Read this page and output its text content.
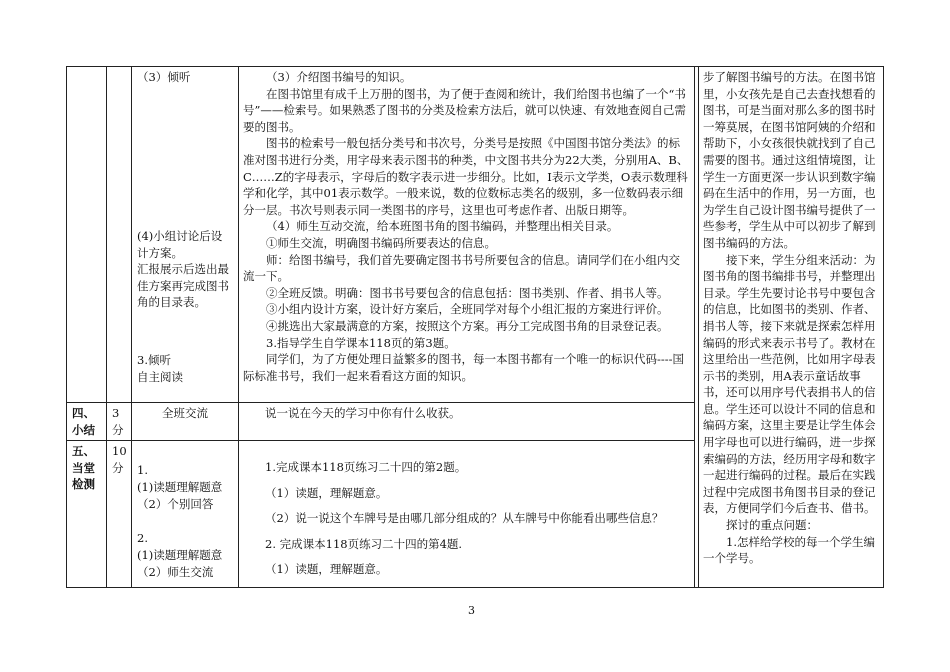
（3）倾听

(4)小组讨论后设计方案。

汇报展示后选出最佳方案再完成图书角的目录表。

3.倾听

自主阅读

（3）介绍图书编号的知识。

在图书馆里有成千上万册的图书，为了便于查阅和统计，我们给图书也编了一个“书号”——检索号。如果熟悉了图书的分类及检索方法后，就可以快速、有效地查阅自己需要的图书。

图书的检索号一般包括分类号和书次号，分类号是按照《中国图书馆分类法》的标准对图书进行分类，用字母来表示图书的种类，中文图书共分为22大类，分别用A、B、C……Z的字母表示，字母后的数字表示进一步细分。比如，I表示文学类，O表示数理科学和化学，其中01表示数学。一般来说，数的位数标志类名的级别，多一位数码表示细分一层。书次号则表示同一类图书的序号，这里也可考虑作者、出版日期等。

（4）师生互动交流，给本班图书角的图书编码，并整理出相关目录。

①师生交流，明确图书编码所要表达的信息。

师：给图书编号，我们首先要确定图书书号所要包含的信息。请同学们在小组内交流一下。

②全班反馈。明确：图书书号要包含的信息包括：图书类别、作者、捐书人等。

③小组内设计方案，设计好方案后，全班同学对每个小组汇报的方案进行评价。

④挑选出大家最满意的方案，按照这个方案。再分工完成图书角的目录登记表。

3.指导学生自学课本118页的第3题。

同学们，为了方便处理日益繁多的图书，每一本图书都有一个唯一的标识代码----国际标准书号，我们一起来看看这方面的知识。

步了解图书编号的方法。在图书馆里，小女孩先是自己去查找想看的图书，可是当面对那么多的图书时一筹莫展，在图书馆阿姨的介绍和帮助下，小女孩很快就找到了自己需要的图书。通过这组情境图，让学生一方面更深一步认识到数字编码在生活中的作用，另一方面，也为学生自己设计图书编号提供了一些参考，学生从中可以初步了解到图书编码的方法。

接下来，学生分组来活动：为图书角的图书编排书号，并整理出目录。学生先要讨论书号中要包含的信息，比如图书的类别、作者、捐书人等，接下来就是探索怎样用编码的形式来表示书号了。教材在这里给出一些范例，比如用字母表示书的类别，用A表示童话故事书，还可以用序号代表捐书人的信息。学生还可以设计不同的信息和编码方案，这里主要是让学生体会用字母也可以进行编码，进一步探索编码的方法，经历用字母和数字一起进行编码的过程。最后在实践过程中完成图书角图书目录的登记表，方便同学们今后查书、借书。

探讨的重点问题：

1.怎样给学校的每一个学生编一个学号。

四、

小结

3

分

全班交流	说一说在今天的学习中你有什么收获。

五、

当堂

检测

10

分	1.

(1)读题理解题意

（2）个别回答

2.

(1)读题理解题意

（2）师生交流

1.完成课本118页练习二十四的第2题。

（1）读题，理解题意。

（2）说一说这个车牌号是由哪几部分组成的？从车牌号中你能看出哪些信息？

2. 完成课本118页练习二十四的第4题.

（1）读题，理解题意。

3
